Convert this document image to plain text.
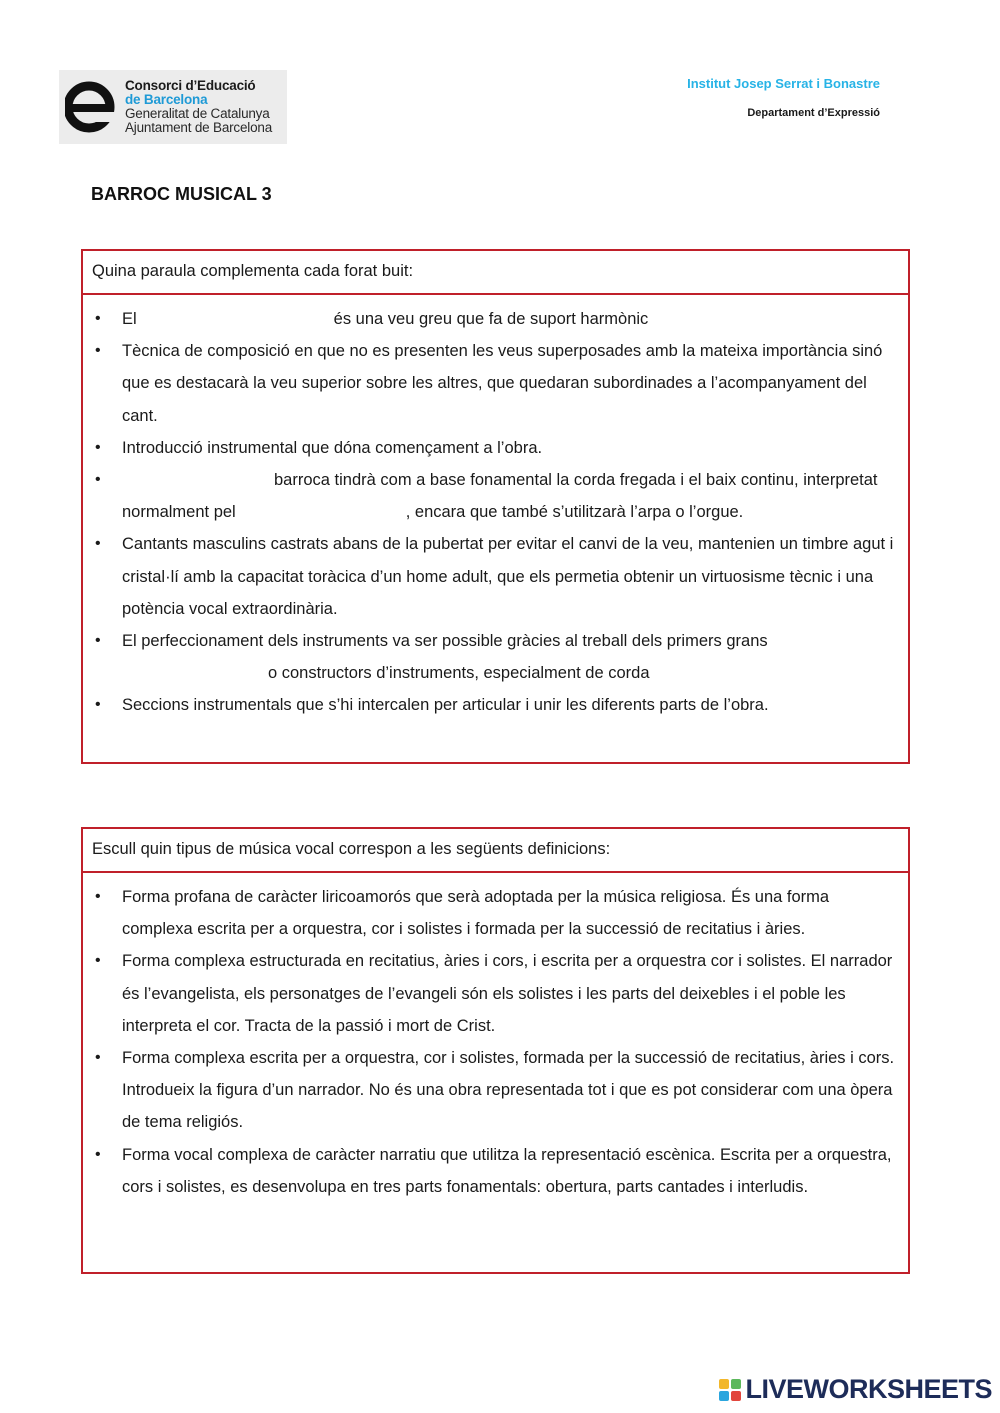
Consorci d’Educació
de Barcelona
Generalitat de Catalunya
Ajuntament de Barcelona
Institut Josep Serrat i Bonastre
Departament d’Expressió
BARROC MUSICAL 3
Quina paraula complementa cada forat buit:
• El	és una veu greu que fa de suport harmònic
• Tècnica de composició en que no es presenten les veus superposades amb la mateixa importància sinó que es destacarà la veu superior sobre les altres, que quedaran subordinades a l’acompanyament del cant.
• Introducció instrumental que dóna començament a l’obra.
• barroca tindrà com a base fonamental la corda fregada i el baix continu, interpretat normalment pel	, encara que també s’utilitzarà l’arpa o l’orgue.
• Cantants masculins castrats abans de la pubertat per evitar el canvi de la veu, mantenien un timbre agut i cristal·lí amb la capacitat toràcica d’un home adult, que els permetia obtenir un virtuosisme tècnic i una potència vocal extraordinària.
• El perfeccionament dels instruments va ser possible gràcies al treball dels primers grans
o constructors d’instruments, especialment de corda
• Seccions instrumentals que s’hi intercalen per articular i unir les diferents parts de l’obra.
Escull quin tipus de música vocal correspon a les següents definicions:
• Forma profana de caràcter liricoamorós que serà adoptada per la música religiosa. És una forma complexa escrita per a orquestra, cor i solistes i formada per la successió de recitatius i àries.
• Forma complexa estructurada en recitatius, àries i cors, i escrita per a orquestra cor i solistes. El narrador és l’evangelista, els personatges de l’evangeli són els solistes i les parts del deixebles i el poble les interpreta el cor. Tracta de la passió i mort de Crist.
• Forma complexa escrita per a orquestra, cor i solistes, formada per la successió de recitatius, àries i cors. Introdueix la figura d’un narrador. No és una obra representada tot i que es pot considerar com una òpera de tema religiós.
• Forma vocal complexa de caràcter narratiu que utilitza la representació escènica. Escrita per a orquestra, cors i solistes, es desenvolupa en tres parts fonamentals: obertura, parts cantades i interludis.
LIVEWORKSHEETS
